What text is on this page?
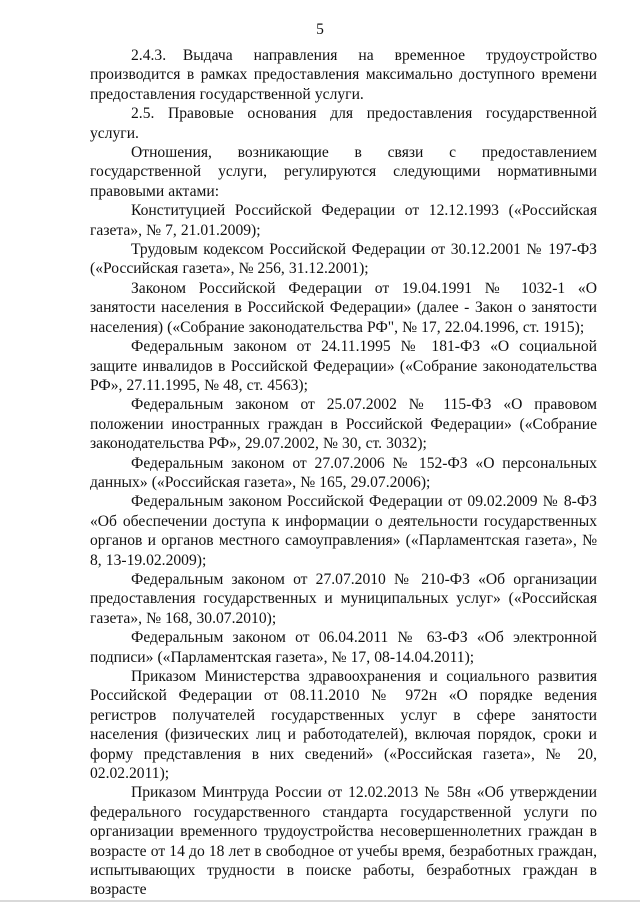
5

2.4.3.    Выдача     направления     на     временное     трудоустройство производится в рамках предоставления максимально доступного времени предоставления государственной услуги.

2.5. Правовые основания для предоставления государственной услуги.

Отношения, возникающие в связи с предоставлением государственной услуги, регулируются следующими нормативными правовыми актами:

Конституцией Российской Федерации от 12.12.1993 («Российская газета», № 7, 21.01.2009);

Трудовым кодексом Российской Федерации от 30.12.2001 № 197-ФЗ («Российская газета», № 256, 31.12.2001);

Законом Российской Федерации от 19.04.1991 № 1032-1 «О занятости населения в Российской Федерации» (далее - Закон о занятости населения) («Собрание законодательства РФ", № 17, 22.04.1996, ст. 1915);

Федеральным законом от 24.11.1995 № 181-ФЗ «О социальной защите инвалидов в Российской Федерации» («Собрание законодательства РФ», 27.11.1995, № 48, ст. 4563);

Федеральным законом от 25.07.2002 № 115-ФЗ «О правовом положении иностранных граждан в Российской Федерации» («Собрание законодательства РФ», 29.07.2002, № 30, ст. 3032);

Федеральным законом от 27.07.2006 № 152-ФЗ «О персональных данных» («Российская газета», № 165, 29.07.2006);

Федеральным законом Российской Федерации от 09.02.2009 № 8-ФЗ «Об обеспечении доступа к информации о деятельности государственных органов и органов местного самоуправления» («Парламентская газета», № 8, 13-19.02.2009);

Федеральным законом от 27.07.2010 № 210-ФЗ «Об организации предоставления государственных и муниципальных услуг» («Российская газета», № 168, 30.07.2010);

Федеральным законом от 06.04.2011 № 63-ФЗ «Об электронной подписи» («Парламентская газета», № 17, 08-14.04.2011);

Приказом Министерства здравоохранения и социального развития Российской Федерации от 08.11.2010 № 972н «О порядке ведения регистров получателей государственных услуг в сфере занятости населения (физических лиц и работодателей), включая порядок, сроки и форму представления в них сведений» («Российская газета», № 20, 02.02.2011);

Приказом Минтруда России от 12.02.2013 № 58н «Об утверждении федерального государственного стандарта государственной услуги по организации временного трудоустройства несовершеннолетних граждан в возрасте от 14 до 18 лет в свободное от учебы время, безработных граждан, испытывающих трудности в поиске работы, безработных граждан в возрасте
